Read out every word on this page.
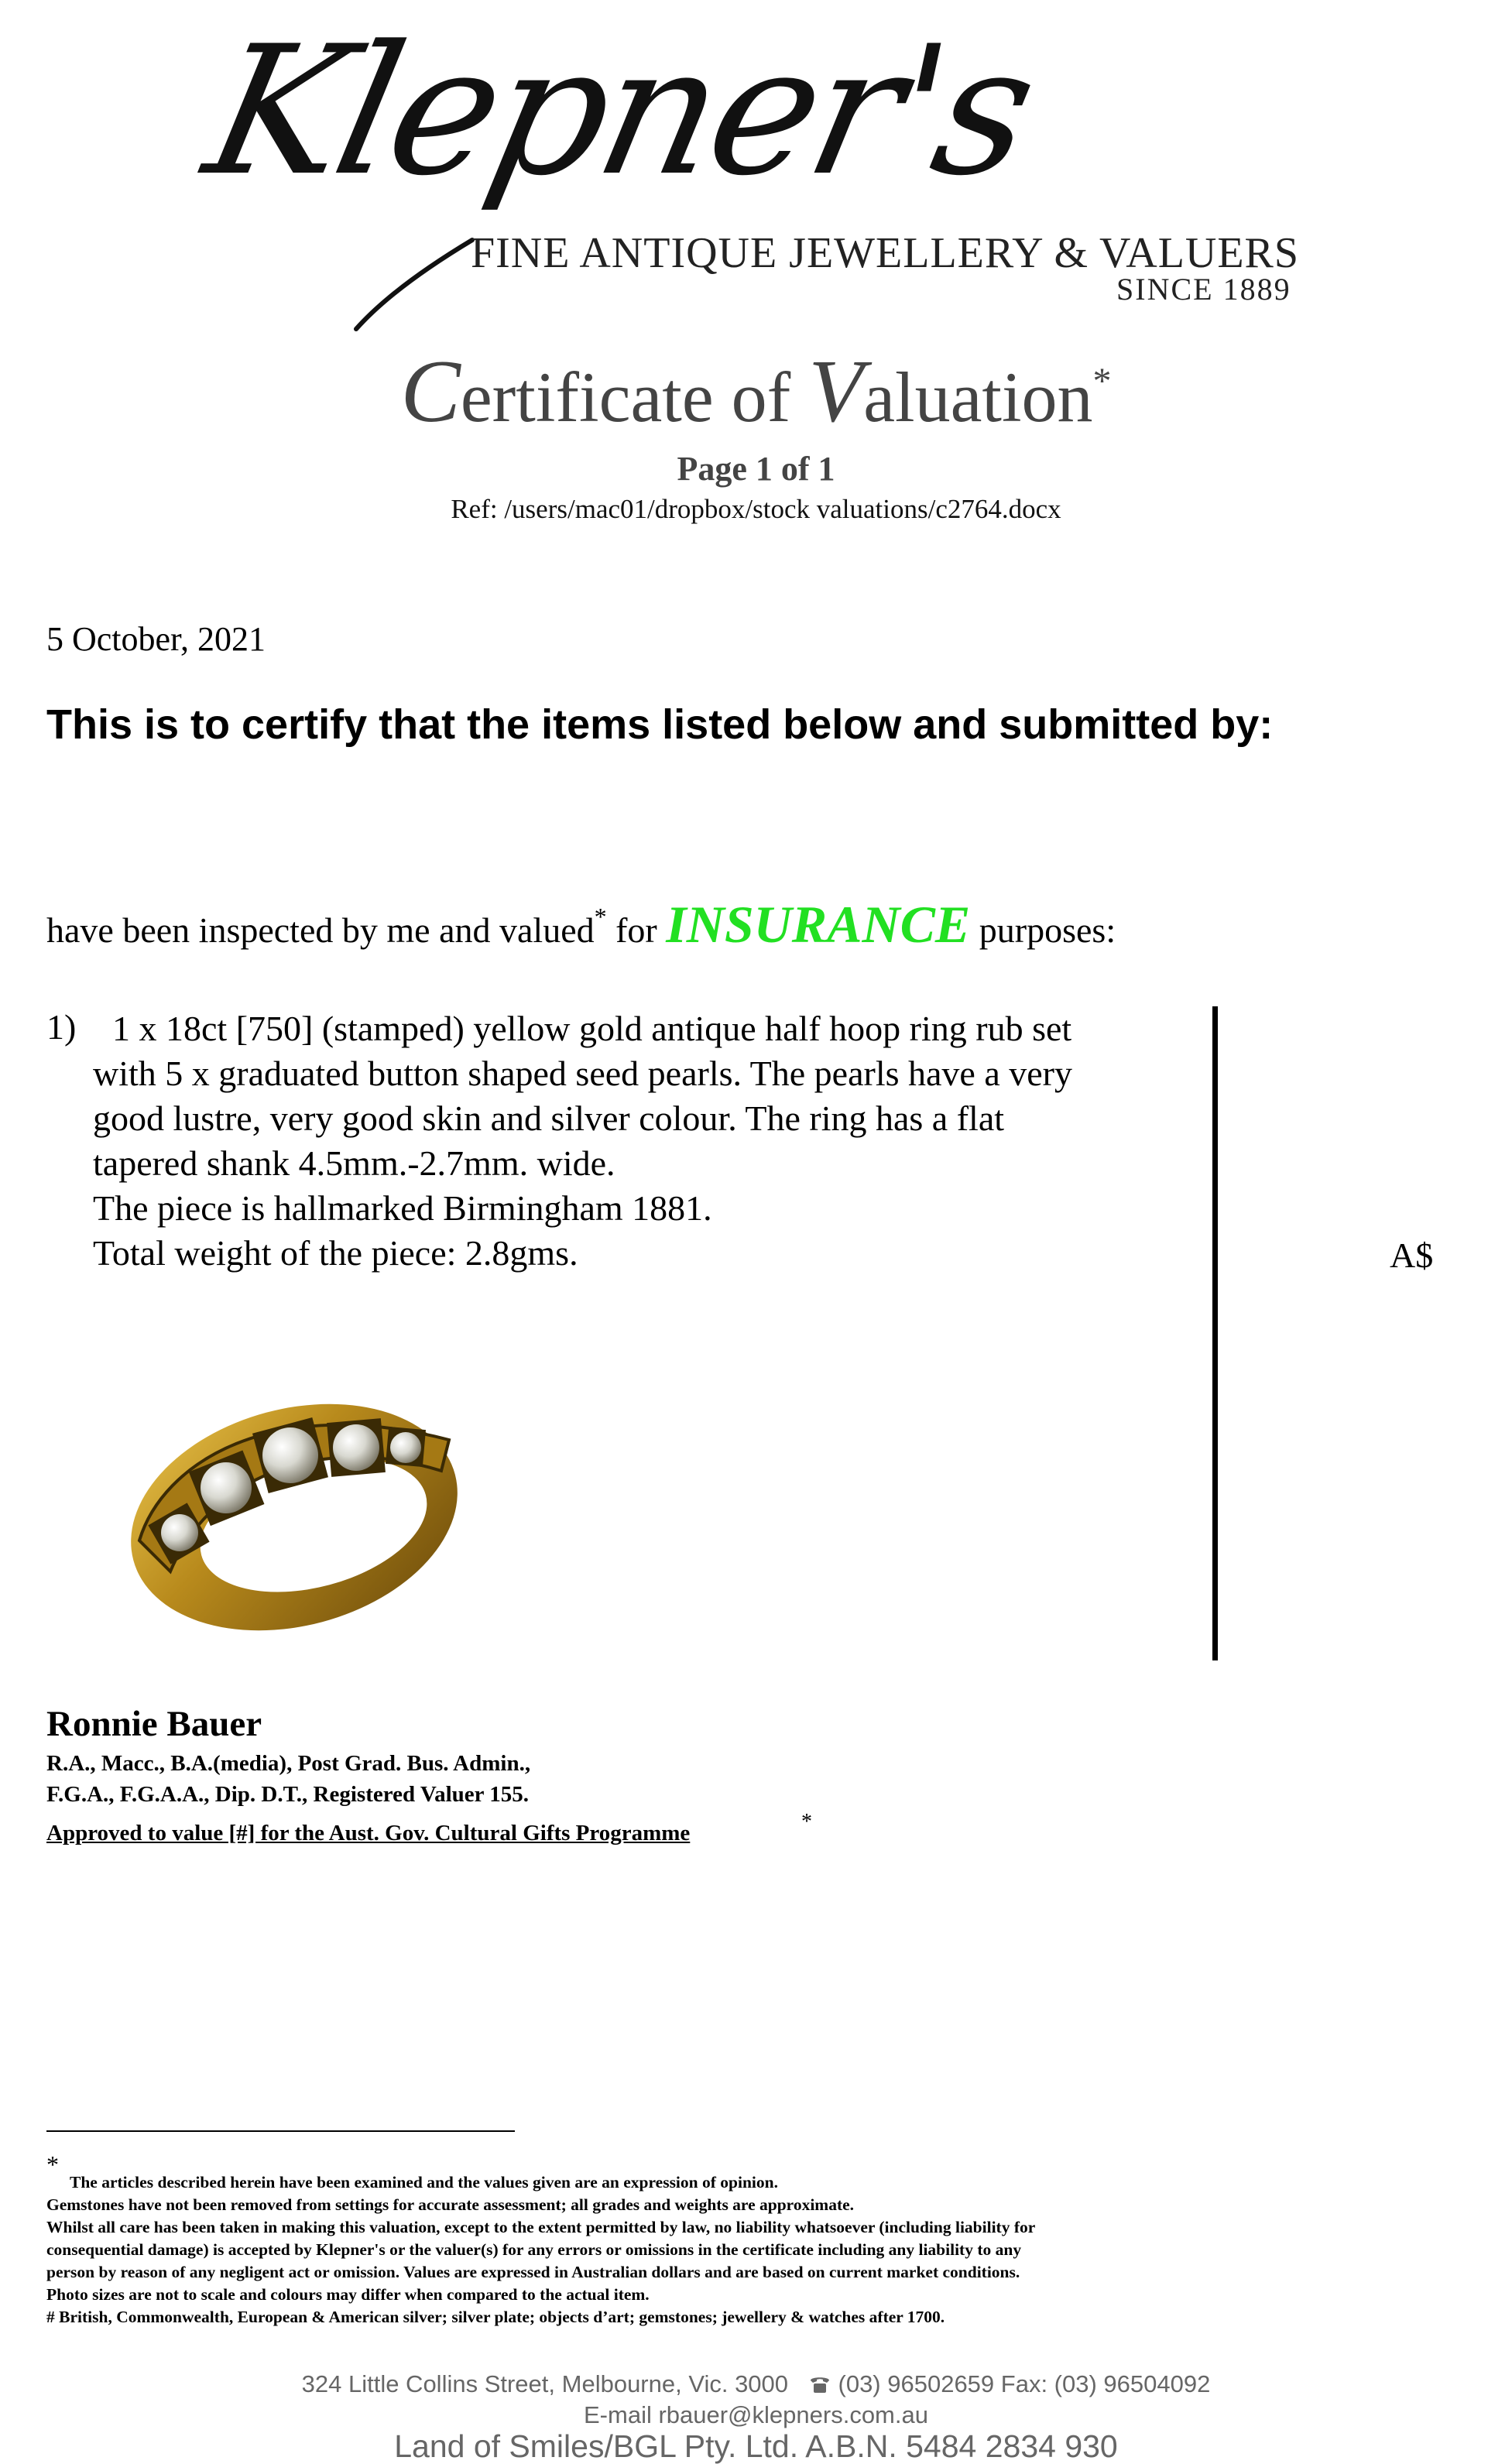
Klepner's
FINE ANTIQUE JEWELLERY & VALUERS
SINCE 1889
Certificate of Valuation*
Page 1 of 1
Ref: /users/mac01/dropbox/stock valuations/c2764.docx
5 October, 2021
This is to certify that the items listed below and submitted by:
have been inspected by me and valued* for INSURANCE purposes:
1)	1 x 18ct [750] (stamped) yellow gold antique half hoop ring rub set
with 5 x graduated button shaped seed pearls. The pearls have a very
good lustre, very good skin and silver colour. The ring has a flat
tapered shank 4.5mm.-2.7mm. wide.
The piece is hallmarked Birmingham 1881.
Total weight of the piece: 2.8gms.	A$
Ronnie Bauer
R.A., Macc., B.A.(media), Post Grad. Bus. Admin.,
F.G.A., F.G.A.A., Dip. D.T., Registered Valuer 155.
Approved to value [#] for the Aust. Gov. Cultural Gifts Programme	*
*
The articles described herein have been examined and the values given are an expression of opinion.
Gemstones have not been removed from settings for accurate assessment; all grades and weights are approximate.
Whilst all care has been taken in making this valuation, except to the extent permitted by law, no liability whatsoever (including liability for
consequential damage) is accepted by Klepner's or the valuer(s) for any errors or omissions in the certificate including any liability to any
person by reason of any negligent act or omission. Values are expressed in Australian dollars and are based on current market conditions.
Photo sizes are not to scale and colours may differ when compared to the actual item.
# British, Commonwealth, European & American silver; silver plate; objects d’art; gemstones; jewellery & watches after 1700.
324 Little Collins Street, Melbourne, Vic. 3000 (03) 96502659 Fax: (03) 96504092
E-mail rbauer@klepners.com.au
Land of Smiles/BGL Pty. Ltd. A.B.N. 5484 2834 930
